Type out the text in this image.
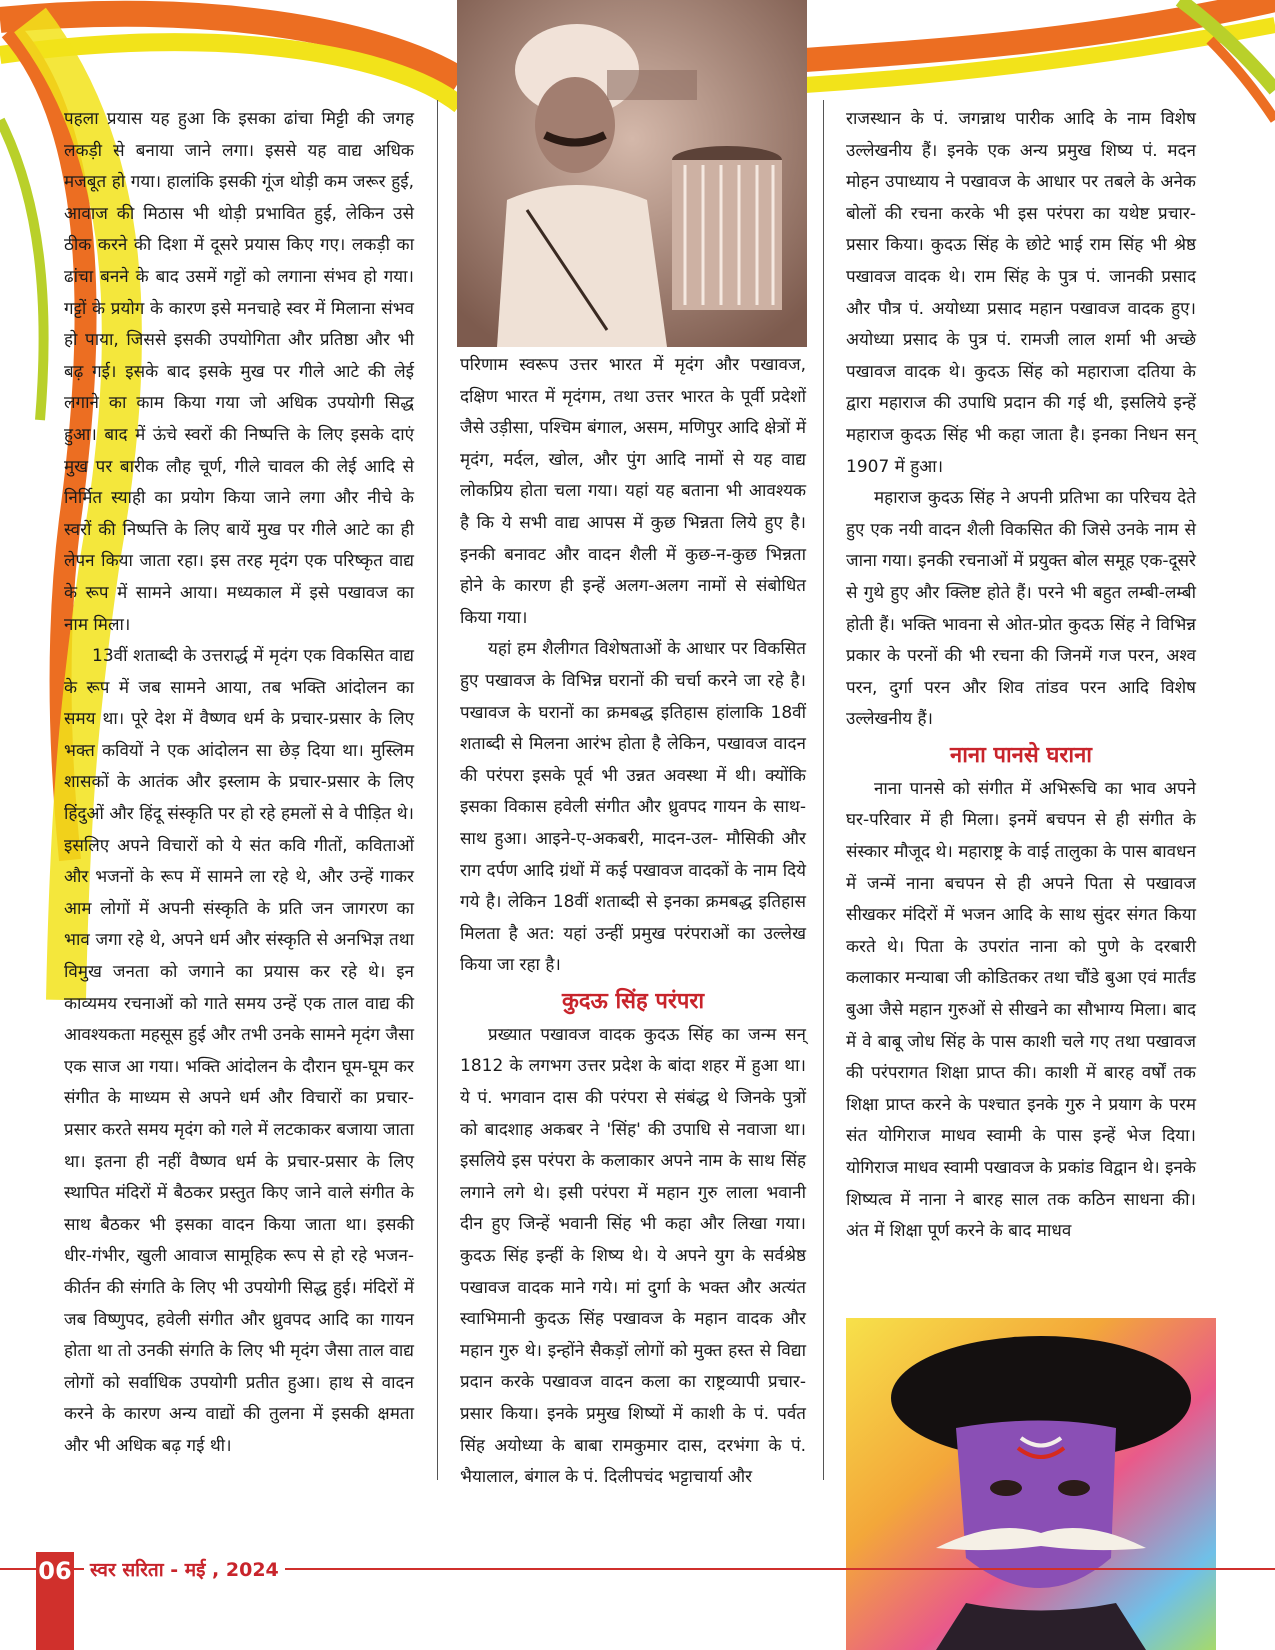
पहला प्रयास यह हुआ कि इसका ढांचा मिट्टी की जगह लकड़ी से बनाया जाने लगा। इससे यह वाद्य अधिक मजबूत हो गया। हालांकि इसकी गूंज थोड़ी कम जरूर हुई, आवाज की मिठास भी थोड़ी प्रभावित हुई, लेकिन उसे ठीक करने की दिशा में दूसरे प्रयास किए गए। लकड़ी का ढांचा बनने के बाद उसमें गट्टों को लगाना संभव हो गया। गट्टों के प्रयोग के कारण इसे मनचाहे स्वर में मिलाना संभव हो पाया, जिससे इसकी उपयोगिता और प्रतिष्ठा और भी बढ़ गई। इसके बाद इसके मुख पर गीले आटे की लेई लगाने का काम किया गया जो अधिक उपयोगी सिद्ध हुआ। बाद में ऊंचे स्वरों की निष्पत्ति के लिए इसके दाएं मुख पर बारीक लौह चूर्ण, गीले चावल की लेई आदि से निर्मित स्याही का प्रयोग किया जाने लगा और नीचे के स्वरों की निष्पत्ति के लिए बायें मुख पर गीले आटे का ही लेपन किया जाता रहा। इस तरह मृदंग एक परिष्कृत वाद्य के रूप में सामने आया। मध्यकाल में इसे पखावज का नाम मिला।

13वीं शताब्दी के उत्तरार्द्ध में मृदंग एक विकसित वाद्य के रूप में जब सामने आया, तब भक्ति आंदोलन का समय था। पूरे देश में वैष्णव धर्म के प्रचार-प्रसार के लिए भक्त कवियों ने एक आंदोलन सा छेड़ दिया था। मुस्लिम शासकों के आतंक और इस्लाम के प्रचार-प्रसार के लिए हिंदुओं और हिंदू संस्कृति पर हो रहे हमलों से वे पीड़ित थे। इसलिए अपने विचारों को ये संत कवि गीतों, कविताओं और भजनों के रूप में सामने ला रहे थे, और उन्हें गाकर आम लोगों में अपनी संस्कृति के प्रति जन जागरण का भाव जगा रहे थे, अपने धर्म और संस्कृति से अनभिज्ञ तथा विमुख जनता को जगाने का प्रयास कर रहे थे। इन काव्यमय रचनाओं को गाते समय उन्हें एक ताल वाद्य की आवश्यकता महसूस हुई और तभी उनके सामने मृदंग जैसा एक साज आ गया। भक्ति आंदोलन के दौरान घूम-घूम कर संगीत के माध्यम से अपने धर्म और विचारों का प्रचार-प्रसार करते समय मृदंग को गले में लटकाकर बजाया जाता था। इतना ही नहीं वैष्णव धर्म के प्रचार-प्रसार के लिए स्थापित मंदिरों में बैठकर प्रस्तुत किए जाने वाले संगीत के साथ बैठकर भी इसका वादन किया जाता था। इसकी धीर-गंभीर, खुली आवाज सामूहिक रूप से हो रहे भजन-कीर्तन की संगति के लिए भी उपयोगी सिद्ध हुई। मंदिरों में जब विष्णुपद, हवेली संगीत और ध्रुवपद आदि का गायन होता था तो उनकी संगति के लिए भी मृदंग जैसा ताल वाद्य लोगों को सर्वाधिक उपयोगी प्रतीत हुआ। हाथ से वादन करने के कारण अन्य वाद्यों की तुलना में इसकी क्षमता और भी अधिक बढ़ गई थी।

परिणाम स्वरूप उत्तर भारत में मृदंग और पखावज, दक्षिण भारत में मृदंगम, तथा उत्तर भारत के पूर्वी प्रदेशों जैसे उड़ीसा, पश्चिम बंगाल, असम, मणिपुर आदि क्षेत्रों में मृदंग, मर्दल, खोल, और पुंग आदि नामों से यह वाद्य लोकप्रिय होता चला गया। यहां यह बताना भी आवश्यक है कि ये सभी वाद्य आपस में कुछ भिन्नता लिये हुए है। इनकी बनावट और वादन शैली में कुछ-न-कुछ भिन्नता होने के कारण ही इन्हें अलग-अलग नामों से संबोधित किया गया।

यहां हम शैलीगत विशेषताओं के आधार पर विकसित हुए पखावज के विभिन्न घरानों की चर्चा करने जा रहे है। पखावज के घरानों का क्रमबद्ध इतिहास हांलाकि 18वीं शताब्दी से मिलना आरंभ होता है लेकिन, पखावज वादन की परंपरा इसके पूर्व भी उन्नत अवस्था में थी। क्योंकि इसका विकास हवेली संगीत और ध्रुवपद गायन के साथ-साथ हुआ। आइने-ए-अकबरी, मादन-उल- मौसिकी और राग दर्पण आदि ग्रंथों में कई पखावज वादकों के नाम दिये गये है। लेकिन 18वीं शताब्दी से इनका क्रमबद्ध इतिहास मिलता है अत: यहां उन्हीं प्रमुख परंपराओं का उल्लेख किया जा रहा है।

कुदऊ सिंह परंपरा

प्रख्यात पखावज वादक कुदऊ सिंह का जन्म सन् 1812 के लगभग उत्तर प्रदेश के बांदा शहर में हुआ था। ये पं. भगवान दास की परंपरा से संबंद्ध थे जिनके पुत्रों को बादशाह अकबर ने 'सिंह' की उपाधि से नवाजा था। इसलिये इस परंपरा के कलाकार अपने नाम के साथ सिंह लगाने लगे थे। इसी परंपरा में महान गुरु लाला भवानी दीन हुए जिन्हें भवानी सिंह भी कहा और लिखा गया। कुदऊ सिंह इन्हीं के शिष्य थे। ये अपने युग के सर्वश्रेष्ठ पखावज वादक माने गये। मां दुर्गा के भक्त और अत्यंत स्वाभिमानी कुदऊ सिंह पखावज के महान वादक और महान गुरु थे। इन्होंने सैकड़ों लोगों को मुक्त हस्त से विद्या प्रदान करके पखावज वादन कला का राष्ट्रव्यापी प्रचार-प्रसार किया। इनके प्रमुख शिष्यों में काशी के पं. पर्वत सिंह अयोध्या के बाबा रामकुमार दास, दरभंगा के पं. भैयालाल, बंगाल के पं. दिलीपचंद भट्टाचार्या और

राजस्थान के पं. जगन्नाथ पारीक आदि के नाम विशेष उल्लेखनीय हैं। इनके एक अन्य प्रमुख शिष्य पं. मदन मोहन उपाध्याय ने पखावज के आधार पर तबले के अनेक बोलों की रचना करके भी इस परंपरा का यथेष्ट प्रचार-प्रसार किया। कुदऊ सिंह के छोटे भाई राम सिंह भी श्रेष्ठ पखावज वादक थे। राम सिंह के पुत्र पं. जानकी प्रसाद और पौत्र पं. अयोध्या प्रसाद महान पखावज वादक हुए। अयोध्या प्रसाद के पुत्र पं. रामजी लाल शर्मा भी अच्छे पखावज वादक थे। कुदऊ सिंह को महाराजा दतिया के द्वारा महाराज की उपाधि प्रदान की गई थी, इसलिये इन्हें महाराज कुदऊ सिंह भी कहा जाता है। इनका निधन सन् 1907 में हुआ।

महाराज कुदऊ सिंह ने अपनी प्रतिभा का परिचय देते हुए एक नयी वादन शैली विकसित की जिसे उनके नाम से जाना गया। इनकी रचनाओं में प्रयुक्त बोल समूह एक-दूसरे से गुथे हुए और क्लिष्ट होते हैं। परने भी बहुत लम्बी-लम्बी होती हैं। भक्ति भावना से ओत-प्रोत कुदऊ सिंह ने विभिन्न प्रकार के परनों की भी रचना की जिनमें गज परन, अश्व परन, दुर्गा परन और शिव तांडव परन आदि विशेष उल्लेखनीय हैं।

नाना पानसे घराना

नाना पानसे को संगीत में अभिरूचि का भाव अपने घर-परिवार में ही मिला। इनमें बचपन से ही संगीत के संस्कार मौजूद थे। महाराष्ट्र के वाई तालुका के पास बावधन में जन्में नाना बचपन से ही अपने पिता से पखावज सीखकर मंदिरों में भजन आदि के साथ सुंदर संगत किया करते थे। पिता के उपरांत नाना को पुणे के दरबारी कलाकार मन्याबा जी कोडितकर तथा चौंडे बुआ एवं मार्तंड बुआ जैसे महान गुरुओं से सीखने का सौभाग्य मिला। बाद में वे बाबू जोध सिंह के पास काशी चले गए तथा पखावज की परंपरागत शिक्षा प्राप्त की। काशी में बारह वर्षों तक शिक्षा प्राप्त करने के पश्चात इनके गुरु ने प्रयाग के परम संत योगिराज माधव स्वामी के पास इन्हें भेज दिया। योगिराज माधव स्वामी पखावज के प्रकांड विद्वान थे। इनके शिष्यत्व में नाना ने बारह साल तक कठिन साधना की। अंत में शिक्षा पूर्ण करने के बाद माधव

06 स्वर सरिता - मई , 2024
